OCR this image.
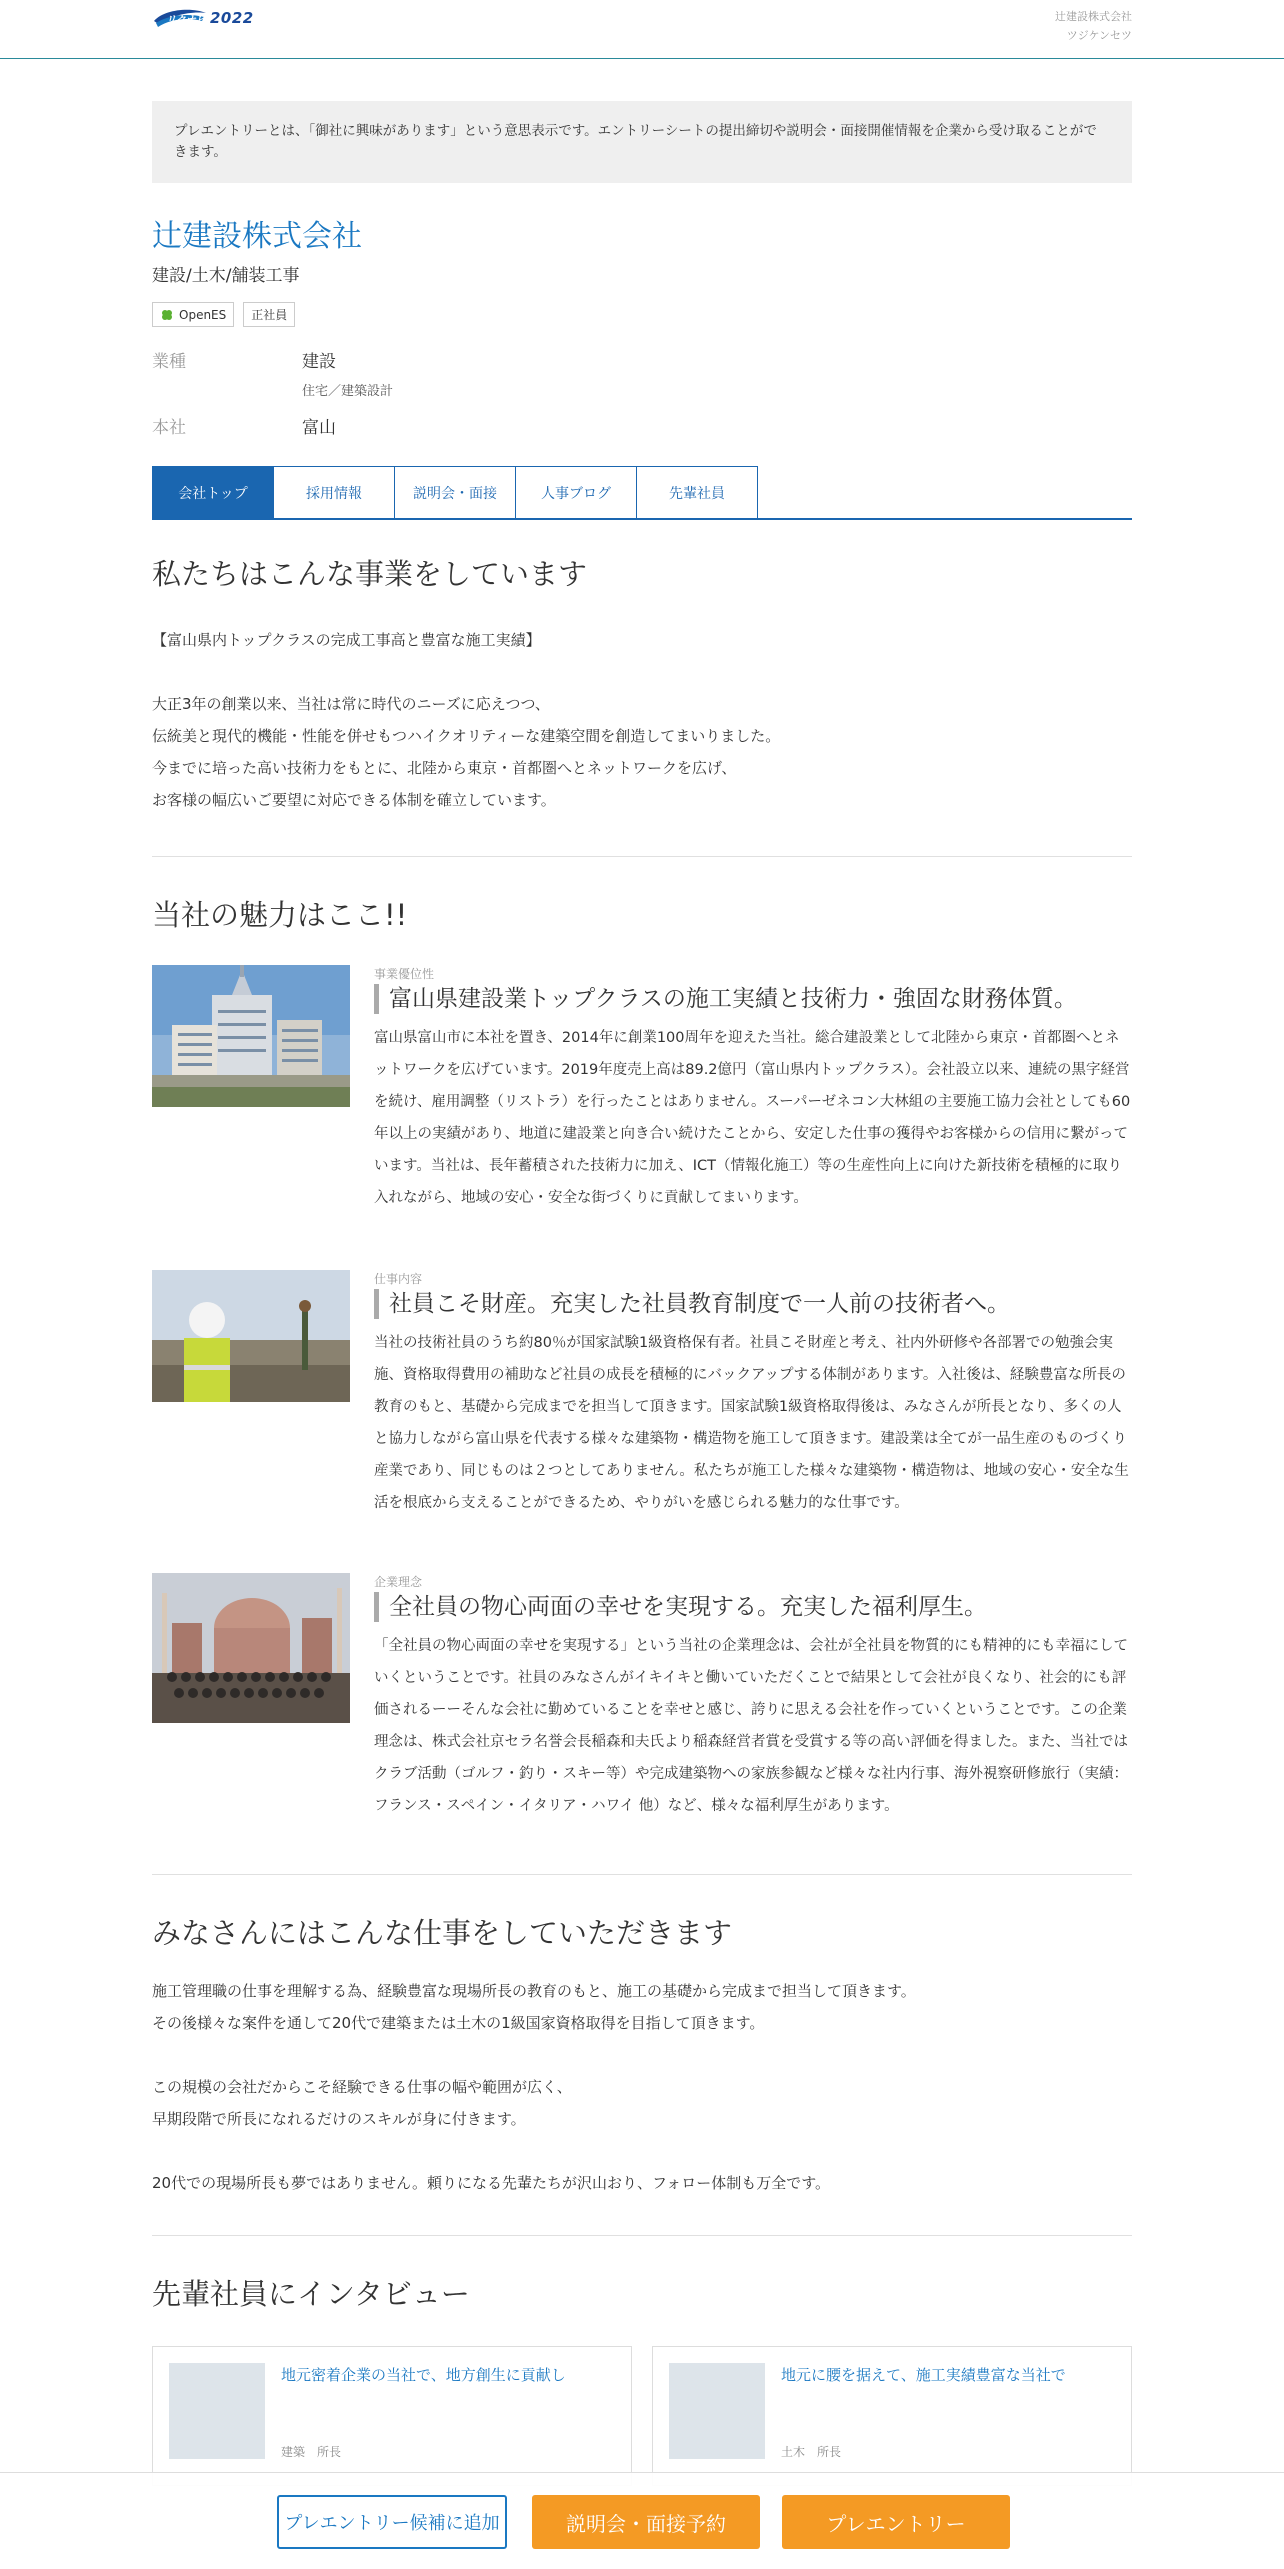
リクナビ 2022	辻建設株式会社
ツジケンセツ
プレエントリーとは、「御社に興味があります」という意思表示です。エントリーシートの提出締切や説明会・面接開催情報を企業から受け取ることができます。
辻建設株式会社
建設/土木/舗装工事
OpenES 正社員
業種	建設
住宅／建築設計
本社	富山
会社トップ	採用情報	説明会・面接	人事ブログ	先輩社員
私たちはこんな事業をしています
【富山県内トップクラスの完成工事高と豊富な施工実績】

大正3年の創業以来、当社は常に時代のニーズに応えつつ、
伝統美と現代的機能・性能を併せもつハイクオリティーな建築空間を創造してまいりました。
今までに培った高い技術力をもとに、北陸から東京・首都圏へとネットワークを広げ、
お客様の幅広いご要望に対応できる体制を確立しています。
当社の魅力はここ!!
事業優位性
富山県建設業トップクラスの施工実績と技術力・強固な財務体質。
富山県富山市に本社を置き、2014年に創業100周年を迎えた当社。総合建設業として北陸から東京・首都圏へとネットワークを広げています。2019年度売上高は89.2億円（富山県内トップクラス）。会社設立以来、連続の黒字経営を続け、雇用調整（リストラ）を行ったことはありません。スーパーゼネコン大林組の主要施工協力会社としても60年以上の実績があり、地道に建設業と向き合い続けたことから、安定した仕事の獲得やお客様からの信用に繋がっています。当社は、長年蓄積された技術力に加え、ICT（情報化施工）等の生産性向上に向けた新技術を積極的に取り入れながら、地域の安心・安全な街づくりに貢献してまいります。
仕事内容
社員こそ財産。充実した社員教育制度で一人前の技術者へ。
当社の技術社員のうち約80％が国家試験1級資格保有者。社員こそ財産と考え、社内外研修や各部署での勉強会実施、資格取得費用の補助など社員の成長を積極的にバックアップする体制があります。入社後は、経験豊富な所長の教育のもと、基礎から完成までを担当して頂きます。国家試験1級資格取得後は、みなさんが所長となり、多くの人と協力しながら富山県を代表する様々な建築物・構造物を施工して頂きます。建設業は全てが一品生産のものづくり産業であり、同じものは２つとしてありません。私たちが施工した様々な建築物・構造物は、地域の安心・安全な生活を根底から支えることができるため、やりがいを感じられる魅力的な仕事です。
企業理念
全社員の物心両面の幸せを実現する。充実した福利厚生。
「全社員の物心両面の幸せを実現する」という当社の企業理念は、会社が全社員を物質的にも精神的にも幸福にしていくということです。社員のみなさんがイキイキと働いていただくことで結果として会社が良くなり、社会的にも評価されるーーそんな会社に勤めていることを幸せと感じ、誇りに思える会社を作っていくということです。この企業理念は、株式会社京セラ名誉会長稲森和夫氏より稲森経営者賞を受賞する等の高い評価を得ました。また、当社ではクラブ活動（ゴルフ・釣り・スキー等）や完成建築物への家族参観など様々な社内行事、海外視察研修旅行（実績：フランス・スペイン・イタリア・ハワイ 他）など、様々な福利厚生があります。
みなさんにはこんな仕事をしていただきます
施工管理職の仕事を理解する為、経験豊富な現場所長の教育のもと、施工の基礎から完成まで担当して頂きます。
その後様々な案件を通して20代で建築または土木の1級国家資格取得を目指して頂きます。

この規模の会社だからこそ経験できる仕事の幅や範囲が広く、
早期段階で所長になれるだけのスキルが身に付きます。

20代での現場所長も夢ではありません。頼りになる先輩たちが沢山おり、フォロー体制も万全です。
先輩社員にインタビュー
地元密着企業の当社で、地方創生に貢献し
建築　所長
地元に腰を据えて、施工実績豊富な当社で
土木　所長
プレエントリー候補に追加	説明会・面接予約	プレエントリー
